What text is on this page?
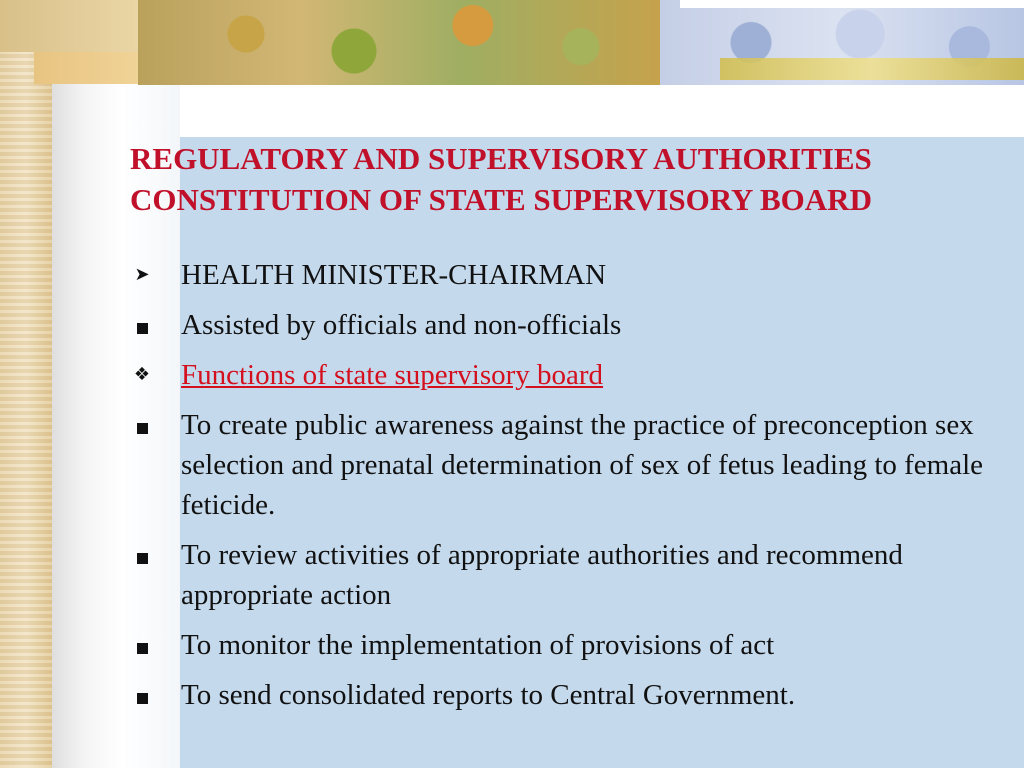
REGULATORY AND SUPERVISORY AUTHORITIES
CONSTITUTION OF STATE SUPERVISORY BOARD
➤ HEALTH MINISTER-CHAIRMAN
Assisted by officials and non-officials
❖ Functions of state supervisory board
To create public awareness against the practice of preconception sex selection and prenatal determination of sex of fetus leading to female feticide.
To review activities of appropriate authorities and recommend appropriate action
To monitor the implementation of provisions of act
To send consolidated reports to Central Government.
